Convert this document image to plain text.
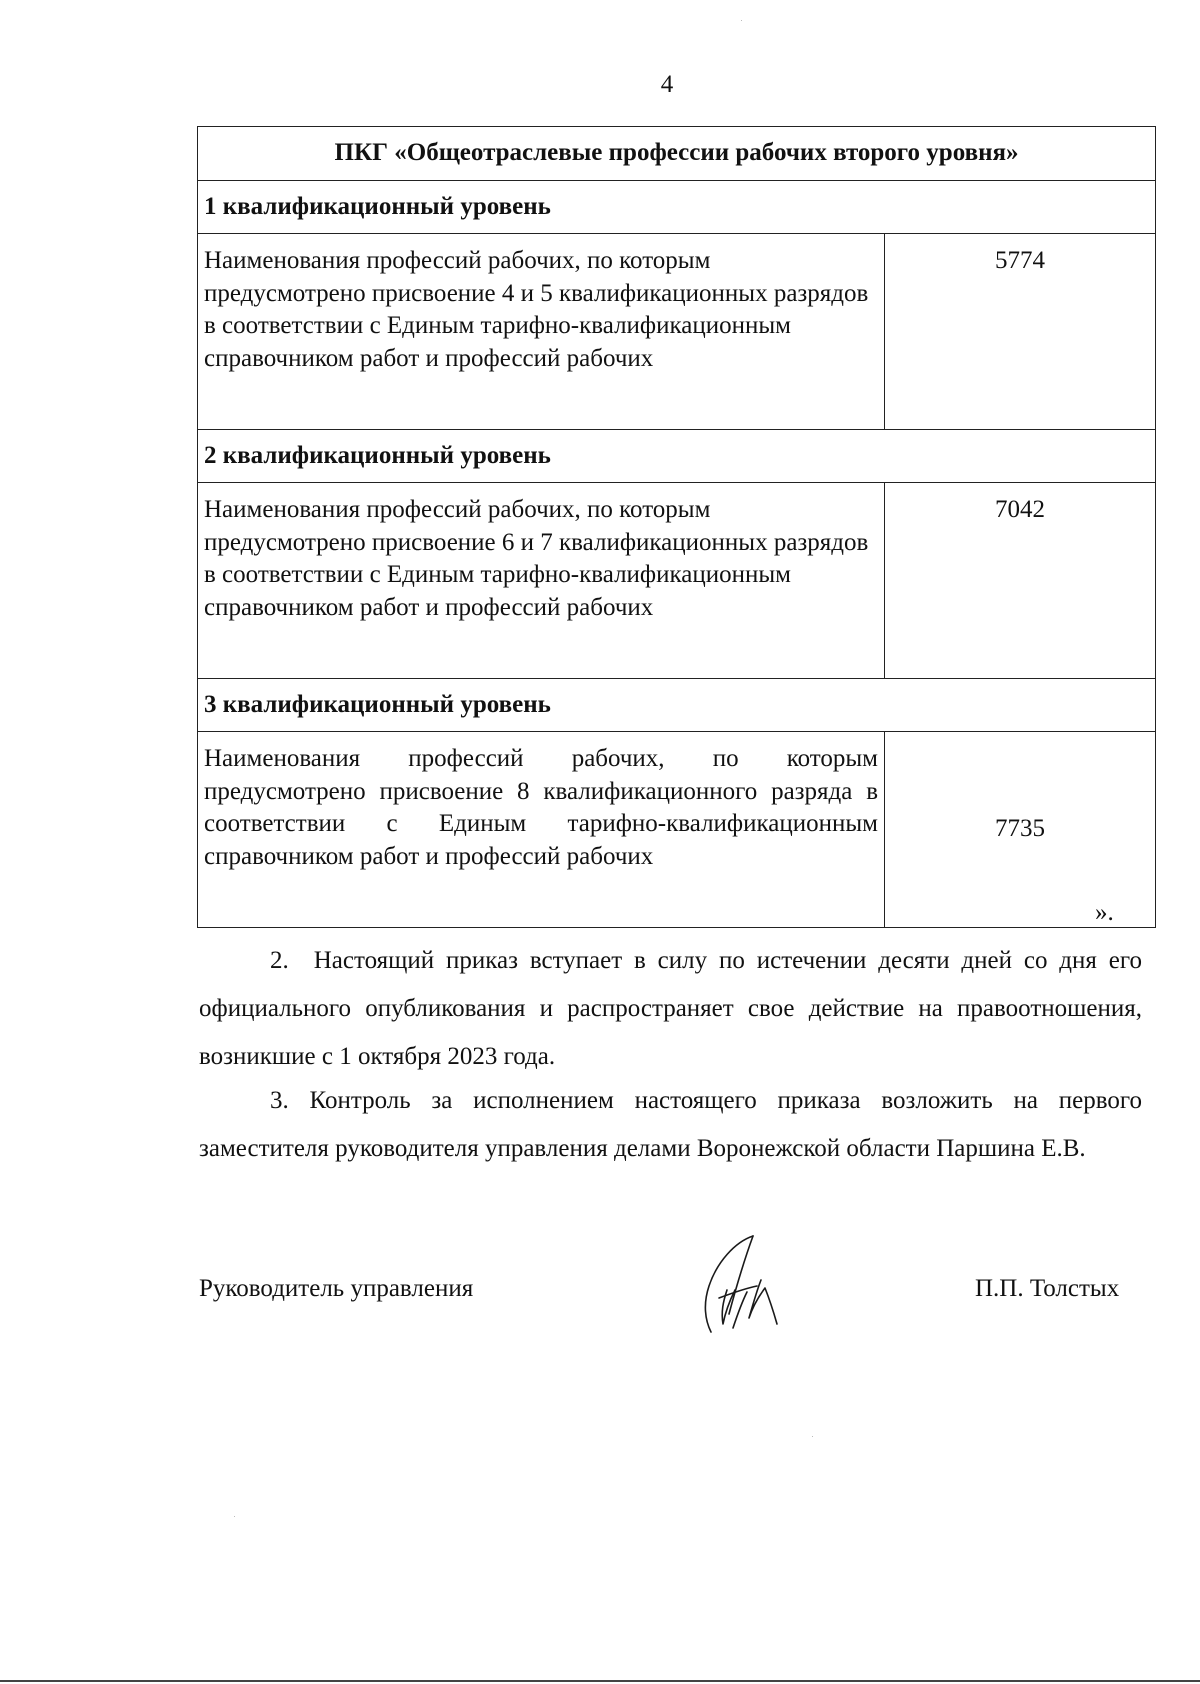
4
ПКГ «Общеотраслевые профессии рабочих второго уровня»	
1 квалификационный уровень	
Наименования профессий рабочих, по которым предусмотрено присвоение 4 и 5 квалификационных разрядов в соответствии с Единым тарифно-квалификационным справочником работ и профессий рабочих	5774
2 квалификационный уровень	
Наименования профессий рабочих, по которым предусмотрено присвоение 6 и 7 квалификационных разрядов в соответствии с Единым тарифно-квалификационным справочником работ и профессий рабочих	7042
3 квалификационный уровень	
Наименования профессий рабочих, по которым предусмотрено присвоение 8 квалификационного разряда в соответствии с Единым тарифно-квалификационным справочником работ и профессий рабочих	7735
».

2. Настоящий приказ вступает в силу по истечении десяти дней со дня его официального опубликования и распространяет свое действие на правоотношения, возникшие с 1 октября 2023 года.

3. Контроль за исполнением настоящего приказа возложить на первого заместителя руководителя управления делами Воронежской области Паршина Е.В.

Руководитель управления	П.П. Толстых
